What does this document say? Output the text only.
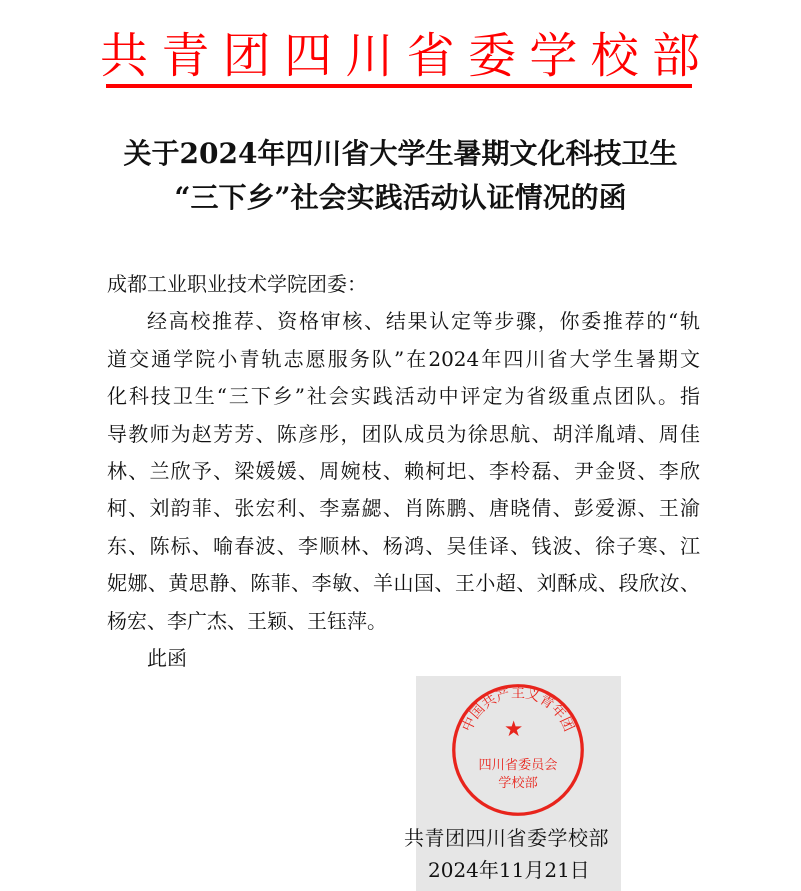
共青团四川省委学校部
关于2024年四川省大学生暑期文化科技卫生
“三下乡”社会实践活动认证情况的函
成都工业职业技术学院团委：
经高校推荐、资格审核、结果认定等步骤，你委推荐的“轨
道交通学院小青轨志愿服务队”在2024年四川省大学生暑期文
化科技卫生“三下乡”社会实践活动中评定为省级重点团队。指
导教师为赵芳芳、陈彦彤，团队成员为徐思航、胡洋胤靖、周佳
林、兰欣予、梁媛媛、周婉枝、赖柯圯、李柃磊、尹金贤、李欣
柯、刘韵菲、张宏利、李嘉勰、肖陈鹏、唐晓倩、彭爱源、王渝
东、陈标、喻春波、李顺林、杨鸿、吴佳译、钱波、徐子寒、江
妮娜、黄思静、陈菲、李敏、羊山国、王小超、刘酥成、段欣汝、
杨宏、李广杰、王颖、王钰萍。
此函
中国共产主义青年团
★
四川省委员会
学校部
共青团四川省委学校部
2024年11月21日
